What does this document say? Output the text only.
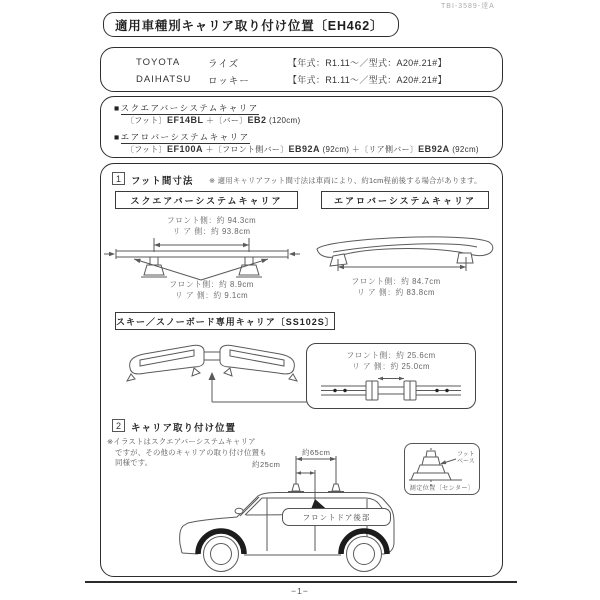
TBI-3589-達A
適用車種別キャリア取り付け位置〔EH462〕
TOYOTA	ライズ	【年式：R1.11～／型式：A20#.21#】
DAIHATSU	ロッキー	【年式：R1.11～／型式：A20#.21#】
■スクエアバーシステムキャリア
〔フット〕EF14BL ＋〔バー〕EB2 (120cm)
■エアロバーシステムキャリア
〔フット〕EF100A ＋〔フロント側バー〕EB92A (92cm) ＋〔リア側バー〕EB92A (92cm)
1 フット間寸法 ※ 適用キャリアフット間寸法は車両により、約1cm程前後する場合があります。
スクエアバーシステムキャリア	エアロバーシステムキャリア
フロント側：約 94.3cm
リ ア 側：約 93.8cm
フロント側：約 8.9cm
リ ア 側：約 9.1cm
フロント側：約 84.7cm
リ ア 側：約 83.8cm
スキー／スノーボード専用キャリア〔SS102S〕
フロント側：約 25.6cm
リ ア 側：約 25.0cm
2 キャリア取り付け位置
※イラストはスクエアバーシステムキャリア
ですが、その他のキャリアの取り付け位置も
同様です。
約65cm
約25cm
フロントドア後部
フット
ベース
測定位置〔センター〕
−1−
